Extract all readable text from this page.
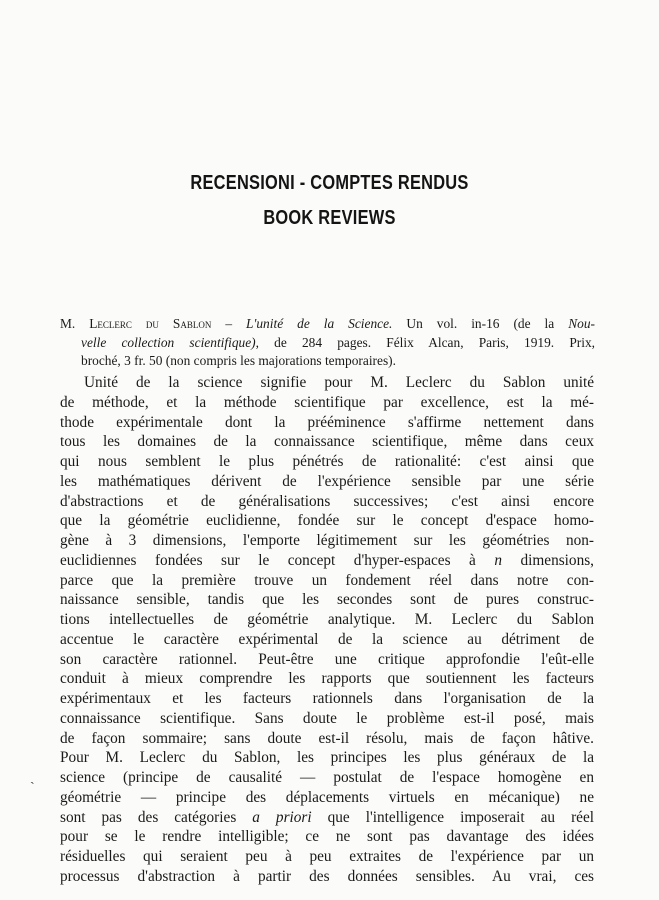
RECENSIONI - COMPTES RENDUS
BOOK REVIEWS
M. Leclerc du Sablon – L'unité de la Science. Un vol. in-16 (de la Nou-
velle collection scientifique), de 284 pages. Félix Alcan, Paris, 1919. Prix,
broché, 3 fr. 50 (non compris les majorations temporaires).
Unité de la science signifie pour M. Leclerc du Sablon unité
de méthode, et la méthode scientifique par excellence, est la mé-
thode expérimentale dont la prééminence s'affirme nettement dans
tous les domaines de la connaissance scientifique, même dans ceux
qui nous semblent le plus pénétrés de rationalité: c'est ainsi que
les mathématiques dérivent de l'expérience sensible par une série
d'abstractions et de généralisations successives; c'est ainsi encore
que la géométrie euclidienne, fondée sur le concept d'espace homo-
gène à 3 dimensions, l'emporte légitimement sur les géométries non-
euclidiennes fondées sur le concept d'hyper-espaces à n dimensions,
parce que la première trouve un fondement réel dans notre con-
naissance sensible, tandis que les secondes sont de pures construc-
tions intellectuelles de géométrie analytique. M. Leclerc du Sablon
accentue le caractère expérimental de la science au détriment de
son caractère rationnel. Peut-être une critique approfondie l'eût-elle
conduit à mieux comprendre les rapports que soutiennent les facteurs
expérimentaux et les facteurs rationnels dans l'organisation de la
connaissance scientifique. Sans doute le problème est-il posé, mais
de façon sommaire; sans doute est-il résolu, mais de façon hâtive.
Pour M. Leclerc du Sablon, les principes les plus généraux de la
science (principe de causalité — postulat de l'espace homogène en
géométrie — principe des déplacements virtuels en mécanique) ne
sont pas des catégories a priori que l'intelligence imposerait au réel
pour se le rendre intelligible; ce ne sont pas davantage des idées
résiduelles qui seraient peu à peu extraites de l'expérience par un
processus d'abstraction à partir des données sensibles. Au vrai, ces
ˎ
